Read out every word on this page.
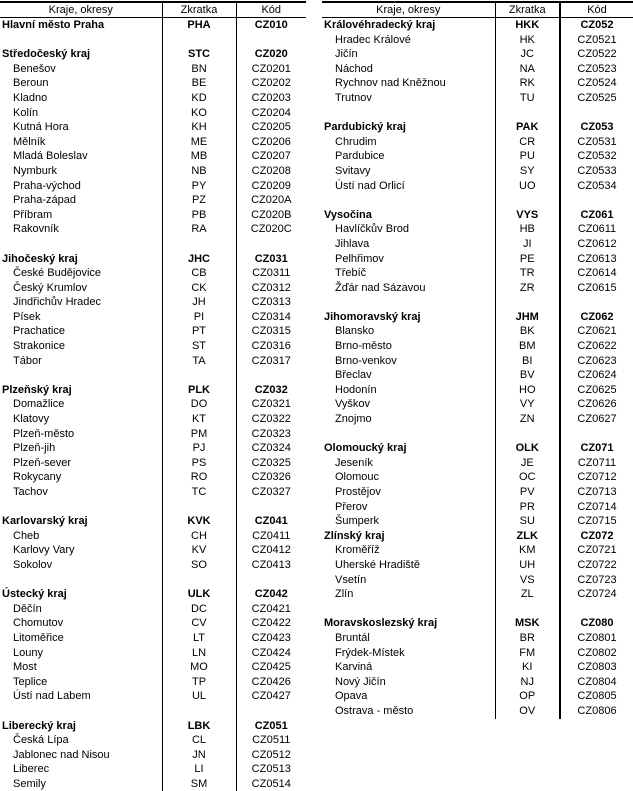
Kraje, okresy	Zkratka	Kód
Hlavní město Praha	PHA	CZ010

Středočeský kraj	STC	CZ020
Benešov	BN	CZ0201
Beroun	BE	CZ0202
Kladno	KD	CZ0203
Kolín	KO	CZ0204
Kutná Hora	KH	CZ0205
Mělník	ME	CZ0206
Mladá Boleslav	MB	CZ0207
Nymburk	NB	CZ0208
Praha-východ	PY	CZ0209
Praha-západ	PZ	CZ020A
Příbram	PB	CZ020B
Rakovník	RA	CZ020C

Jihočeský kraj	JHC	CZ031
České Budějovice	CB	CZ0311
Český Krumlov	CK	CZ0312
Jindřichův Hradec	JH	CZ0313
Písek	PI	CZ0314
Prachatice	PT	CZ0315
Strakonice	ST	CZ0316
Tábor	TA	CZ0317

Plzeňský kraj	PLK	CZ032
Domažlice	DO	CZ0321
Klatovy	KT	CZ0322
Plzeň-město	PM	CZ0323
Plzeň-jih	PJ	CZ0324
Plzeň-sever	PS	CZ0325
Rokycany	RO	CZ0326
Tachov	TC	CZ0327

Karlovarský kraj	KVK	CZ041
Cheb	CH	CZ0411
Karlovy Vary	KV	CZ0412
Sokolov	SO	CZ0413

Ústecký kraj	ULK	CZ042
Děčín	DC	CZ0421
Chomutov	CV	CZ0422
Litoměřice	LT	CZ0423
Louny	LN	CZ0424
Most	MO	CZ0425
Teplice	TP	CZ0426
Ústí nad Labem	UL	CZ0427

Liberecký kraj	LBK	CZ051
Česká Lípa	CL	CZ0511
Jablonec nad Nisou	JN	CZ0512
Liberec	LI	CZ0513
Semily	SM	CZ0514
Kraje, okresy	Zkratka	Kód
Královéhradecký kraj	HKK	CZ052
Hradec Králové	HK	CZ0521
Jičín	JC	CZ0522
Náchod	NA	CZ0523
Rychnov nad Kněžnou	RK	CZ0524
Trutnov	TU	CZ0525

Pardubický kraj	PAK	CZ053
Chrudim	CR	CZ0531
Pardubice	PU	CZ0532
Svitavy	SY	CZ0533
Ústí nad Orlicí	UO	CZ0534

Vysočina	VYS	CZ061
Havlíčkův Brod	HB	CZ0611
Jihlava	JI	CZ0612
Pelhřimov	PE	CZ0613
Třebíč	TR	CZ0614
Žďár nad Sázavou	ZR	CZ0615

Jihomoravský kraj	JHM	CZ062
Blansko	BK	CZ0621
Brno-město	BM	CZ0622
Brno-venkov	BI	CZ0623
Břeclav	BV	CZ0624
Hodonín	HO	CZ0625
Vyškov	VY	CZ0626
Znojmo	ZN	CZ0627

Olomoucký kraj	OLK	CZ071
Jeseník	JE	CZ0711
Olomouc	OC	CZ0712
Prostějov	PV	CZ0713
Přerov	PR	CZ0714
Šumperk	SU	CZ0715
Zlínský kraj	ZLK	CZ072
Kroměříž	KM	CZ0721
Uherské Hradiště	UH	CZ0722
Vsetín	VS	CZ0723
Zlín	ZL	CZ0724

Moravskoslezský kraj	MSK	CZ080
Bruntál	BR	CZ0801
Frýdek-Místek	FM	CZ0802
Karviná	KI	CZ0803
Nový Jičín	NJ	CZ0804
Opava	OP	CZ0805
Ostrava - město	OV	CZ0806
